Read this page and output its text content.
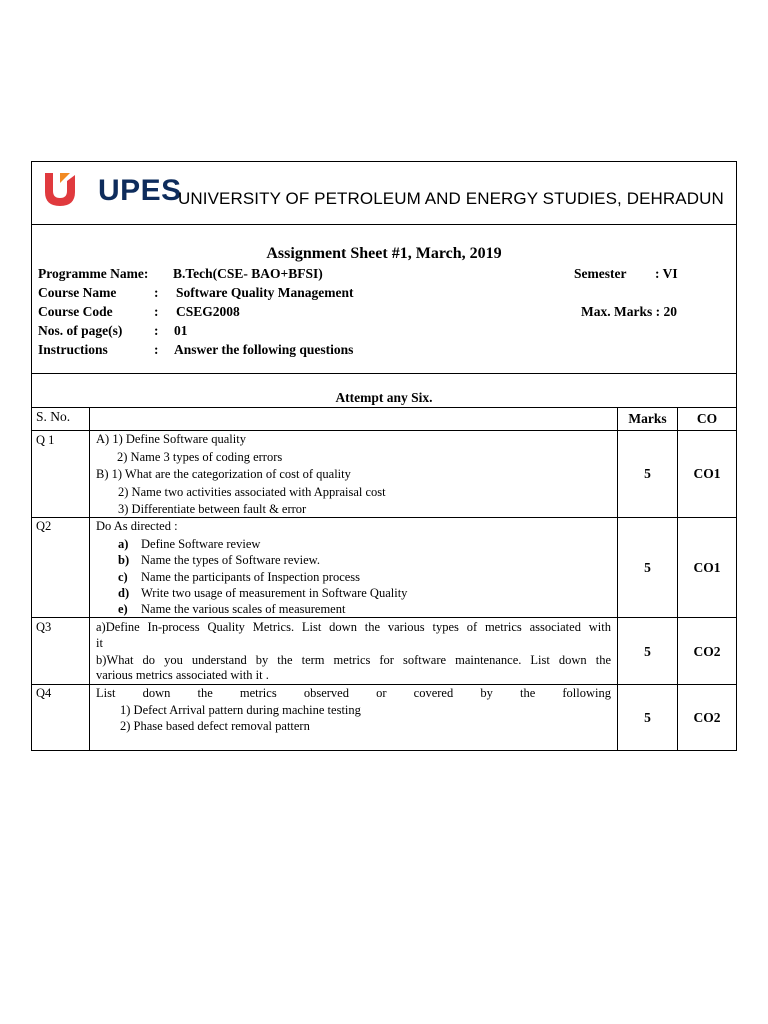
UPES
UNIVERSITY OF PETROLEUM AND ENERGY STUDIES, DEHRADUN
Assignment Sheet #1, March, 2019
Programme Name: B.Tech(CSE- BAO+BFSI)	Semester : VI
Course Name	: Software Quality Management
Course Code	: CSEG2008	Max. Marks : 20
Nos. of page(s) : 01
Instructions	: Answer the following questions
Attempt any Six.
S. No.	Marks	CO
Q 1	A) 1) Define Software quality
2) Name 3 types of coding errors
B) 1) What are the categorization of cost of quality
2) Name two activities associated with Appraisal cost
3) Differentiate between fault & error
5	CO1
Q2	Do As directed :
a) Define Software review
b) Name the types of Software review.
c) Name the participants of Inspection process
d) Write two usage of measurement in Software Quality
e) Name the various scales of measurement
5	CO1
Q3	a)Define In-process Quality Metrics. List down the various types of metrics associated with
it
b)What do you understand by the term metrics for software maintenance. List down the
various metrics associated with it .
5	CO2
Q4	List down the metrics observed or covered by the following
1) Defect Arrival pattern during machine testing
2) Phase based defect removal pattern
5	CO2
